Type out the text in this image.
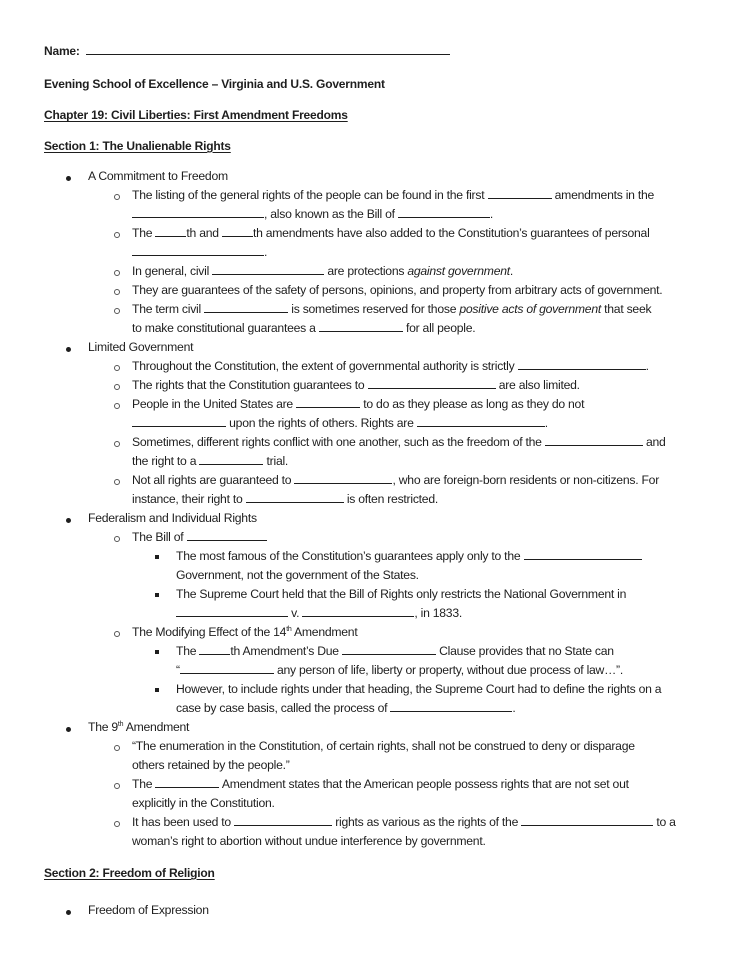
Name:
Evening School of Excellence – Virginia and U.S. Government
Chapter 19: Civil Liberties: First Amendment Freedoms
Section 1: The Unalienable Rights
A Commitment to Freedom
The listing of the general rights of the people can be found in the first	amendments in the
, also known as the Bill of	.
The	th and	th amendments have also added to the Constitution’s guarantees of personal
.
In general, civil	are protections against government.
They are guarantees of the safety of persons, opinions, and property from arbitrary acts of government.
The term civil	is sometimes reserved for those positive acts of government that seek
to make constitutional guarantees a	for all people.
Limited Government
Throughout the Constitution, the extent of governmental authority is strictly	.
The rights that the Constitution guarantees to	are also limited.
People in the United States are	to do as they please as long as they do not
upon the rights of others. Rights are	.
Sometimes, different rights conflict with one another, such as the freedom of the	and
the right to a	trial.
Not all rights are guaranteed to	, who are foreign-born residents or non-citizens. For
instance, their right to	is often restricted.
Federalism and Individual Rights
The Bill of
The most famous of the Constitution’s guarantees apply only to the
Government, not the government of the States.
The Supreme Court held that the Bill of Rights only restricts the National Government in
v.	, in 1833.
The Modifying Effect of the 14th Amendment
The	th Amendment’s Due	Clause provides that no State can
“	any person of life, liberty or property, without due process of law…”.
However, to include rights under that heading, the Supreme Court had to define the rights on a
case by case basis, called the process of	.
The 9th Amendment
“The enumeration in the Constitution, of certain rights, shall not be construed to deny or disparage
others retained by the people.”
The	Amendment states that the American people possess rights that are not set out
explicitly in the Constitution.
It has been used to	rights as various as the rights of the	to a
woman’s right to abortion without undue interference by government.
Section 2: Freedom of Religion
Freedom of Expression
